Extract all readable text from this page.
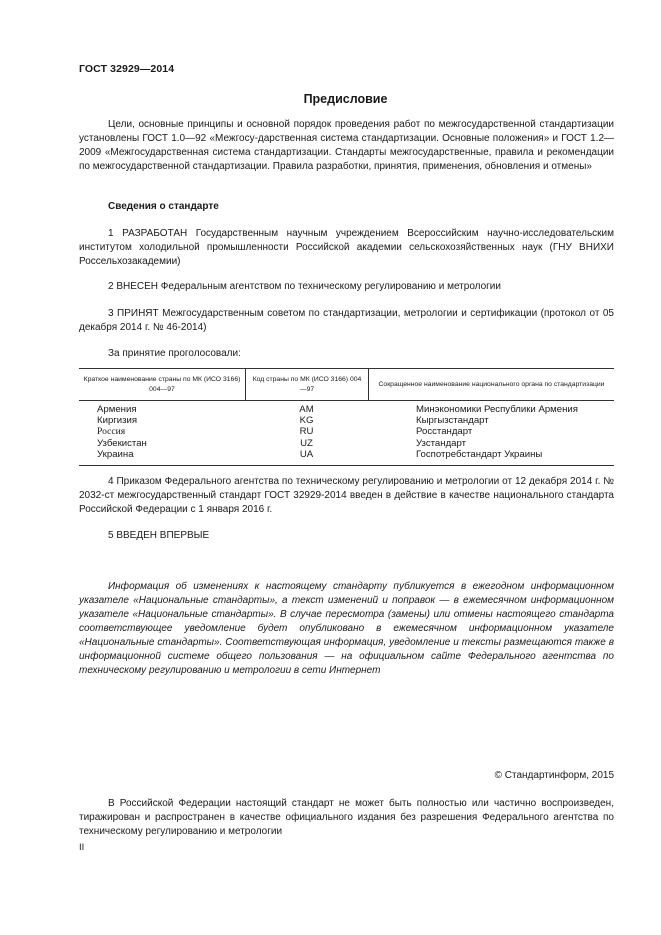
ГОСТ 32929—2014
Предисловие

Цели, основные принципы и основной порядок проведения работ по межгосударственной стандартизации установлены ГОСТ 1.0—92 «Межгосу-дарственная система стандартизации. Основные положения» и ГОСТ 1.2—2009 «Межгосударственная система стандартизации. Стандарты межгосударственные, правила и рекомендации по межгосударственной стандартизации. Правила разработки, принятия, применения, обновления и отмены»

Сведения о стандарте

1 РАЗРАБОТАН Государственным научным учреждением Всероссийским научно-исследовательским институтом холодильной промышленности Российской академии сельскохозяйственных наук (ГНУ ВНИХИ Россельхозакадемии)

2 ВНЕСЕН Федеральным агентством по техническому регулированию и метрологии

3 ПРИНЯТ Межгосударственным советом по стандартизации, метрологии и сертификации (протокол от 05 декабря 2014 г. № 46-2014)

За принятие проголосовали:

Краткое наименование страны по МК (ИСО 3166) 004—97
Код страны по МК (ИСО 3166) 004—97
Сокращенное наименование национального органа по стандартизации
Армения
Киргизия
Россия
Узбекистан
Украина
AM
KG
RU
UZ
UA
Минэкономики Республики Армения
Кыргызстандарт
Росстандарт
Узстандарт
Госпотребстандарт Украины

4 Приказом Федерального агентства по техническому регулированию и метрологии от 12 декабря 2014 г. № 2032-ст межгосударственный стандарт ГОСТ 32929-2014 введен в действие в качестве национального стандарта Российской Федерации с 1 января 2016 г.

5 ВВЕДЕН ВПЕРВЫЕ

Информация об изменениях к настоящему стандарту публикуется в ежегодном информационном указателе «Национальные стандарты», а текст изменений и поправок — в ежемесячном информационном указателе «Национальные стандарты». В случае пересмотра (замены) или отмены настоящего стандарта соответствующее уведомление будет опубликовано в ежемесячном информационном указателе «Национальные стандарты». Соответствующая информация, уведомление и тексты размещаются также в информационной системе общего пользования — на официальном сайте Федерального агентства по техническому регулированию и метрологии в сети Интернет

© Стандартинформ, 2015

В Российской Федерации настоящий стандарт не может быть полностью или частично воспроизведен, тиражирован и распространен в качестве официального издания без разрешения Федерального агентства по техническому регулированию и метрологии

II
